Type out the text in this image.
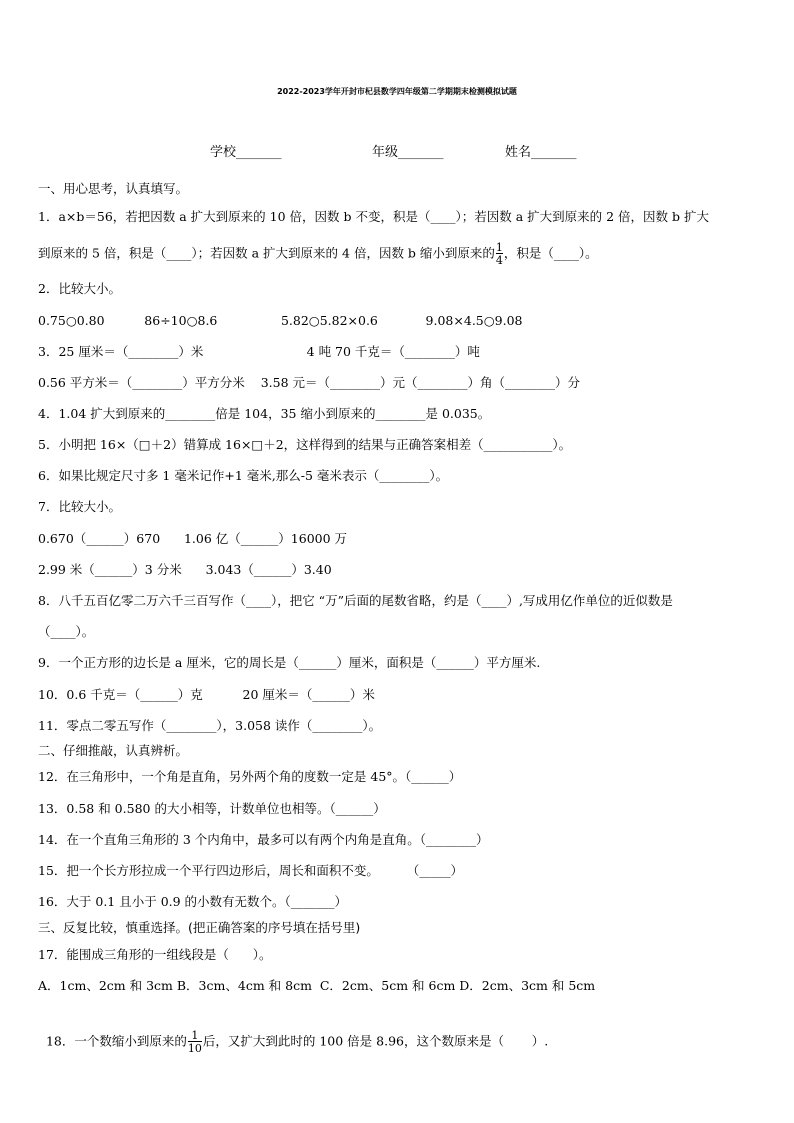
2022-2023学年开封市杞县数学四年级第二学期期末检测模拟试题
学校_______	年级_______	姓名_______
一、用心思考，认真填写。
1．a×b＝56，若把因数 a 扩大到原来的 10 倍，因数 b 不变，积是（____）；若因数 a 扩大到原来的 2 倍，因数 b 扩大
到原来的 5 倍，积是（____）；若因数 a 扩大到原来的 4 倍，因数 b 缩小到原来的 $\frac{1}{4}$ ，积是（____）。
2．比较大小。
0.75○0.80          86÷10○8.6                5.82○5.82×0.6            9.08×4.5○9.08
3．25 厘米＝（________）米                          4 吨 70 千克＝（________）吨
0.56 平方米＝（________）平方分米    3.58 元＝（________）元（________）角（________）分
4．1.04 扩大到原来的________倍是 104，35 缩小到原来的________是 0.035。
5．小明把 16×（□＋2）错算成 16×□＋2，这样得到的结果与正确答案相差（___________）。
6．如果比规定尺寸多 1 毫米记作+1 毫米,那么-5 毫米表示（________）。
7．比较大小。
0.670（______）670      1.06 亿（______）16000 万
2.99 米（______）3 分米      3.043（______）3.40
8．八千五百亿零二万六千三百写作（____），把它 “万”后面的尾数省略，约是（____）,写成用亿作单位的近似数是
（____）。
9．一个正方形的边长是 a 厘米，它的周长是（______）厘米，面积是（______）平方厘米.
10．0.6 千克＝（______）克          20 厘米＝（______）米
11．零点二零五写作（________），3.058 读作（________）。
二、仔细推敲，认真辨析。
12．在三角形中，一个角是直角，另外两个角的度数一定是 45°。（______）
13．0.58 和 0.580 的大小相等，计数单位也相等。（______）
14．在一个直角三角形的 3 个内角中，最多可以有两个内角是直角。（________）
15．把一个长方形拉成一个平行四边形后，周长和面积不变。       （_____）
16．大于 0.1 且小于 0.9 的小数有无数个。（_______）
三、反复比较，慎重选择。(把正确答案的序号填在括号里)
17．能围成三角形的一组线段是（      ）。
A．1cm、2cm 和 3cm B．3cm、4cm 和 8cm  C．2cm、5cm 和 6cm D．2cm、3cm 和 5cm

18．一个数缩小到原来的 $\frac{1}{10}$ 后，又扩大到此时的 100 倍是 8.96，这个数原来是（       ）.
